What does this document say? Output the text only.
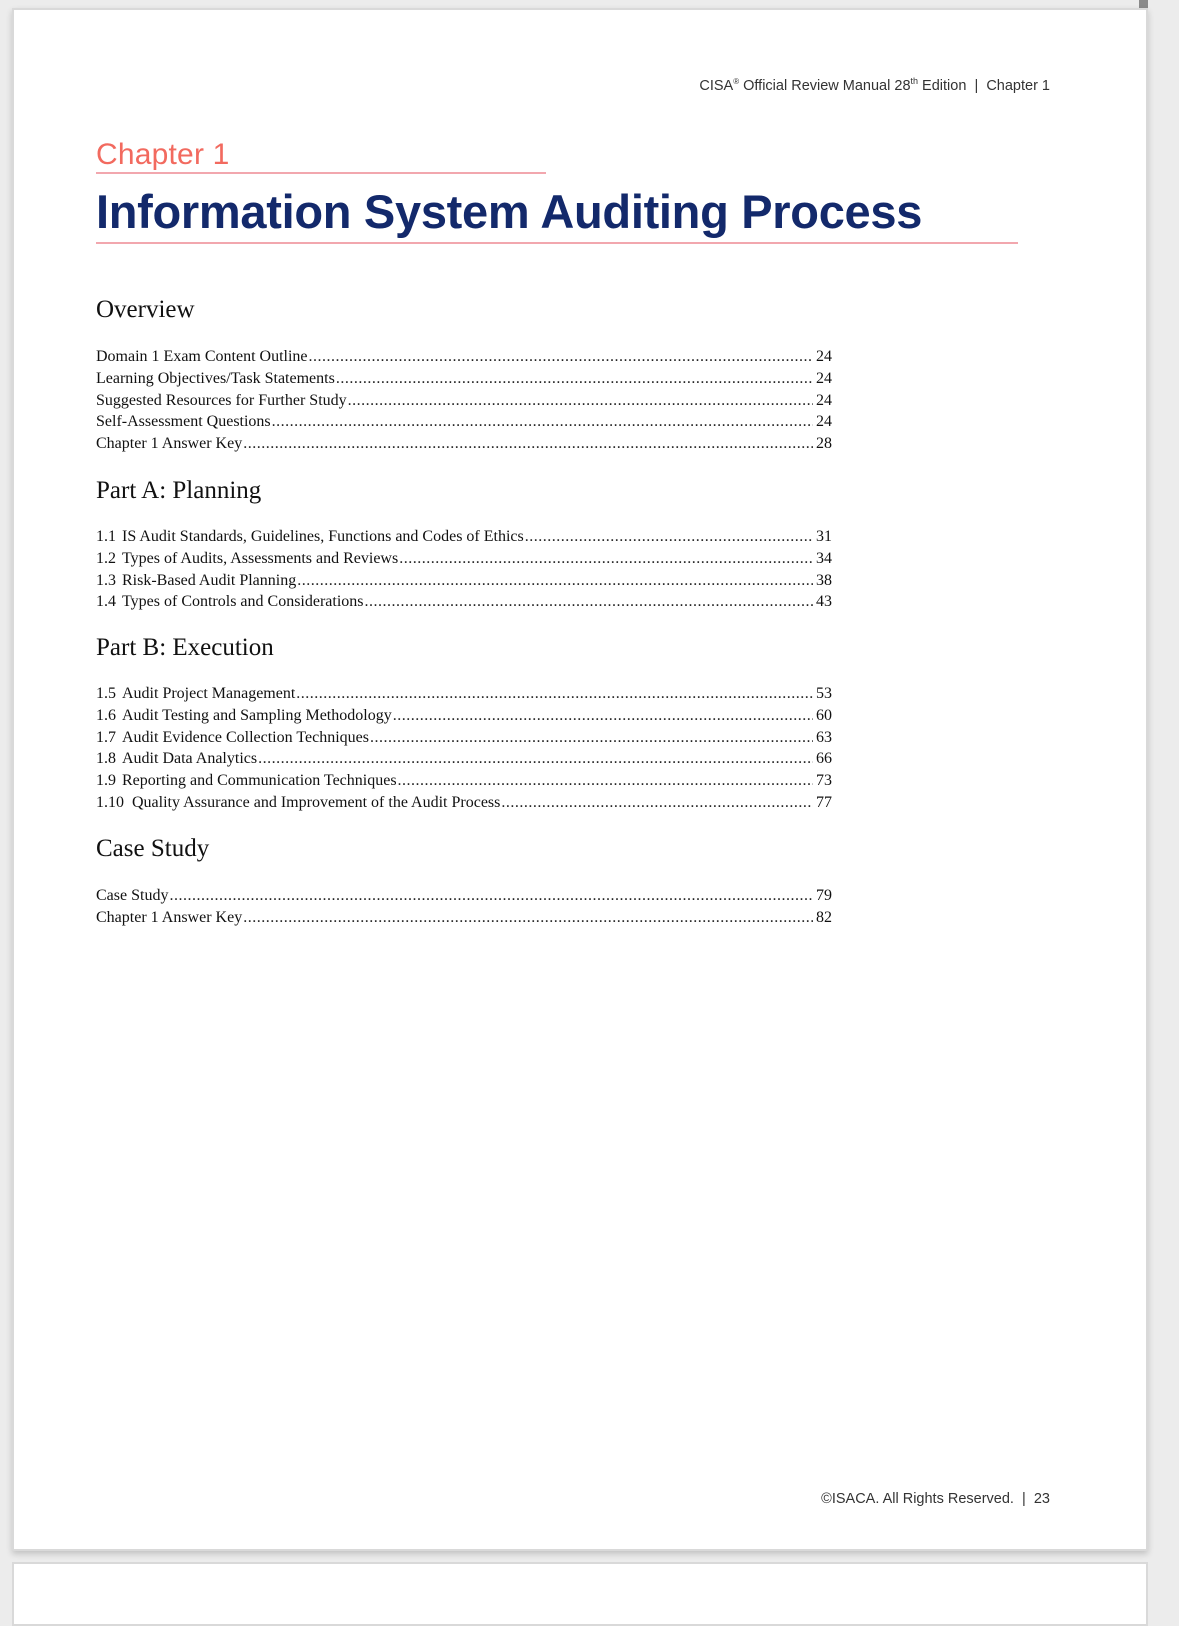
CISA® Official Review Manual 28th Edition | Chapter 1
Chapter 1
Information System Auditing Process
Overview
Domain 1 Exam Content Outline .....	24
Learning Objectives/Task Statements .....	24
Suggested Resources for Further Study .....	24
Self-Assessment Questions .....	24
Chapter 1 Answer Key .....	28
Part A: Planning
1.1 IS Audit Standards, Guidelines, Functions and Codes of Ethics .....	31
1.2 Types of Audits, Assessments and Reviews .....	34
1.3 Risk-Based Audit Planning .....	38
1.4 Types of Controls and Considerations .....	43
Part B: Execution
1.5 Audit Project Management .....	53
1.6 Audit Testing and Sampling Methodology .....	60
1.7 Audit Evidence Collection Techniques .....	63
1.8 Audit Data Analytics .....	66
1.9 Reporting and Communication Techniques .....	73
1.10 Quality Assurance and Improvement of the Audit Process .....	77
Case Study
Case Study .....	79
Chapter 1 Answer Key .....	82
©ISACA. All Rights Reserved. | 23
